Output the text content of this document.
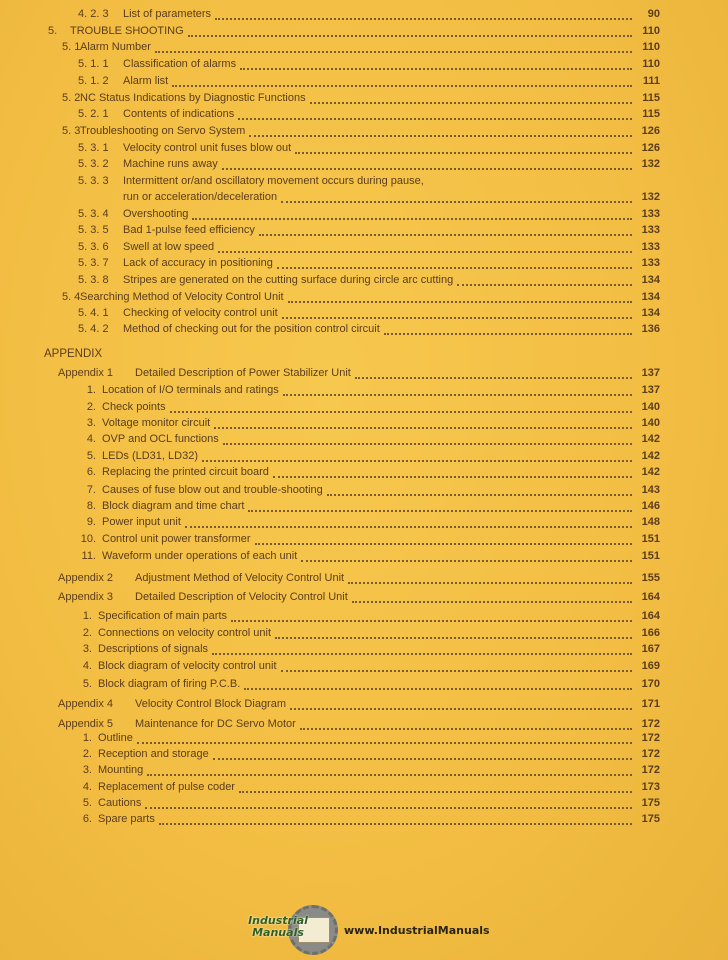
4. 2. 3 List of parameters	90
5. TROUBLE SHOOTING	110
5. 1 Alarm Number	110
5. 1. 1 Classification of alarms	110
5. 1. 2 Alarm list	111
5. 2 NC Status Indications by Diagnostic Functions	115
5. 2. 1 Contents of indications	115
5. 3 Troubleshooting on Servo System	126
5. 3. 1 Velocity control unit fuses blow out	126
5. 3. 2 Machine runs away	132
5. 3. 3 Intermittent or/and oscillatory movement occurs during pause,
run or acceleration/deceleration	132
5. 3. 4 Overshooting	133
5. 3. 5 Bad 1-pulse feed efficiency	133
5. 3. 6 Swell at low speed	133
5. 3. 7 Lack of accuracy in positioning	133
5. 3. 8 Stripes are generated on the cutting surface during circle arc cutting	134
5. 4 Searching Method of Velocity Control Unit	134
5. 4. 1 Checking of velocity control unit	134
5. 4. 2 Method of checking out for the position control circuit	136
Appendix 1 Detailed Description of Power Stabilizer Unit	137
1. Location of I/O terminals and ratings	137
2. Check points	140
3. Voltage monitor circuit	140
4. OVP and OCL functions	142
5. LEDs (LD31, LD32)	142
6. Replacing the printed circuit board	142
7. Causes of fuse blow out and trouble-shooting	143
8. Block diagram and time chart	146
9. Power input unit	148
10. Control unit power transformer	151
11. Waveform under operations of each unit	151
Appendix 2 Adjustment Method of Velocity Control Unit	155
Appendix 3 Detailed Description of Velocity Control Unit	164
1. Specification of main parts	164
2. Connections on velocity control unit	166
3. Descriptions of signals	167
4. Block diagram of velocity control unit	169
5. Block diagram of firing P.C.B.	170
Appendix 4 Velocity Control Block Diagram	171
Appendix 5 Maintenance for DC Servo Motor	172
1. Outline	172
2. Reception and storage	172
3. Mounting	172
4. Replacement of pulse coder	173
5. Cautions	175
6. Spare parts	175
APPENDIX
Industrial
Manuals	www.IndustrialManuals
